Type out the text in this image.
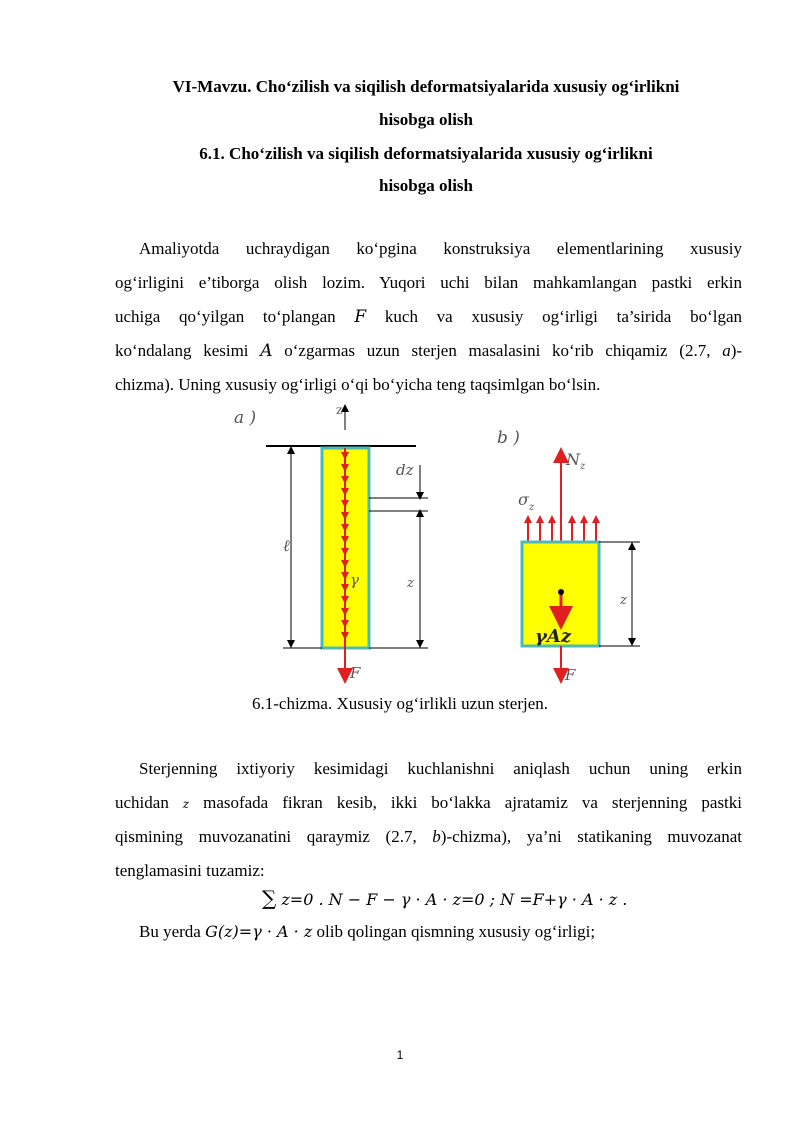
VI-Mavzu. Cho‘zilish va siqilish deformatsiyalarida xususiy og‘irlikni
hisobga olish
6.1. Cho‘zilish va siqilish deformatsiyalarida xususiy og‘irlikni
hisobga olish
Amaliyotda uchraydigan ko‘pgina konstruksiya elementlarining xususiy
og‘irligini e’tiborga olish lozim. Yuqori uchi bilan mahkamlangan pastki erkin
uchiga qo‘yilgan to‘plangan F kuch va xususiy og‘irligi ta’sirida bo‘lgan
ko‘ndalang kesimi A o‘zgarmas uzun sterjen masalasini ko‘rib chiqamiz (2.7, a)-
chizma). Uning xususiy og‘irligi o‘qi bo‘yicha teng taqsimlgan bo‘lsin.
a )	z
F
γ
ℓ
dz
z
b )
$N_z$
$\sigma_z$
γAz
F
z
6.1-chizma. Xususiy og‘irlikli uzun sterjen.
Sterjenning ixtiyoriy kesimidagi kuchlanishni aniqlash uchun uning erkin
uchidan z masofada fikran kesib, ikki bo‘lakka ajratamiz va sterjenning pastki
qismining muvozanatini qaraymiz (2.7, b)-chizma), ya’ni statikaning muvozanat
tenglamasini tuzamiz:
∑ z=0 . N − F − γ · A · z=0 ; N =F+γ · A · z .
Bu yerda G(z)=γ · A · z olib qolingan qismning xususiy og‘irligi;
1
